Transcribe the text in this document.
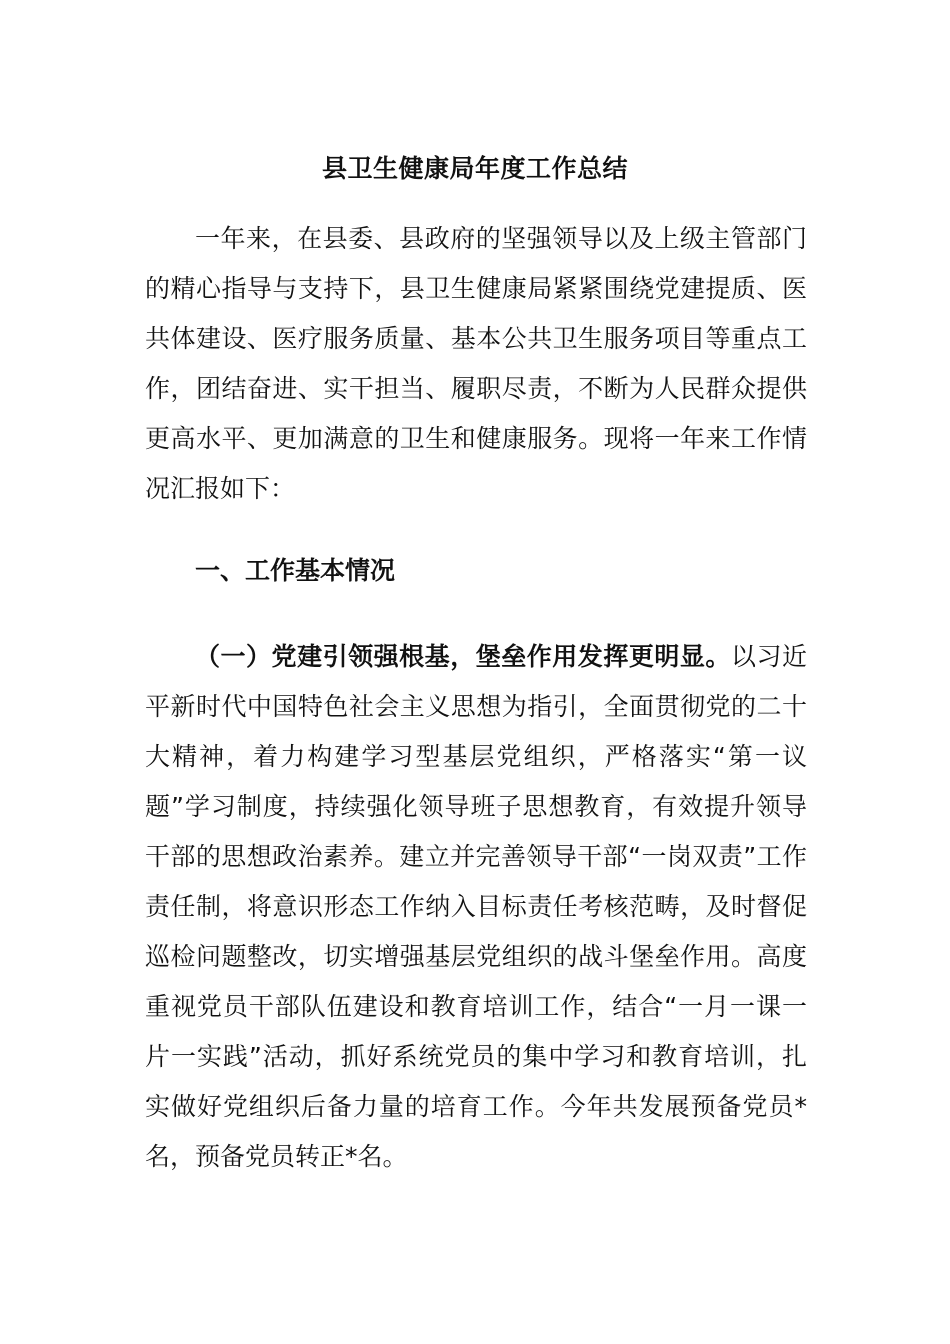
县卫生健康局年度工作总结

一年来，在县委、县政府的坚强领导以及上级主管部门的精心指导与支持下，县卫生健康局紧紧围绕党建提质、医共体建设、医疗服务质量、基本公共卫生服务项目等重点工作，团结奋进、实干担当、履职尽责，不断为人民群众提供更高水平、更加满意的卫生和健康服务。现将一年来工作情况汇报如下：

一、工作基本情况

（一）党建引领强根基，堡垒作用发挥更明显。以习近平新时代中国特色社会主义思想为指引，全面贯彻党的二十大精神，着力构建学习型基层党组织，严格落实“第一议题”学习制度，持续强化领导班子思想教育，有效提升领导干部的思想政治素养。建立并完善领导干部“一岗双责”工作责任制，将意识形态工作纳入目标责任考核范畴，及时督促巡检问题整改，切实增强基层党组织的战斗堡垒作用。高度重视党员干部队伍建设和教育培训工作，结合“一月一课一片一实践”活动，抓好系统党员的集中学习和教育培训，扎实做好党组织后备力量的培育工作。今年共发展预备党员*名，预备党员转正*名。
